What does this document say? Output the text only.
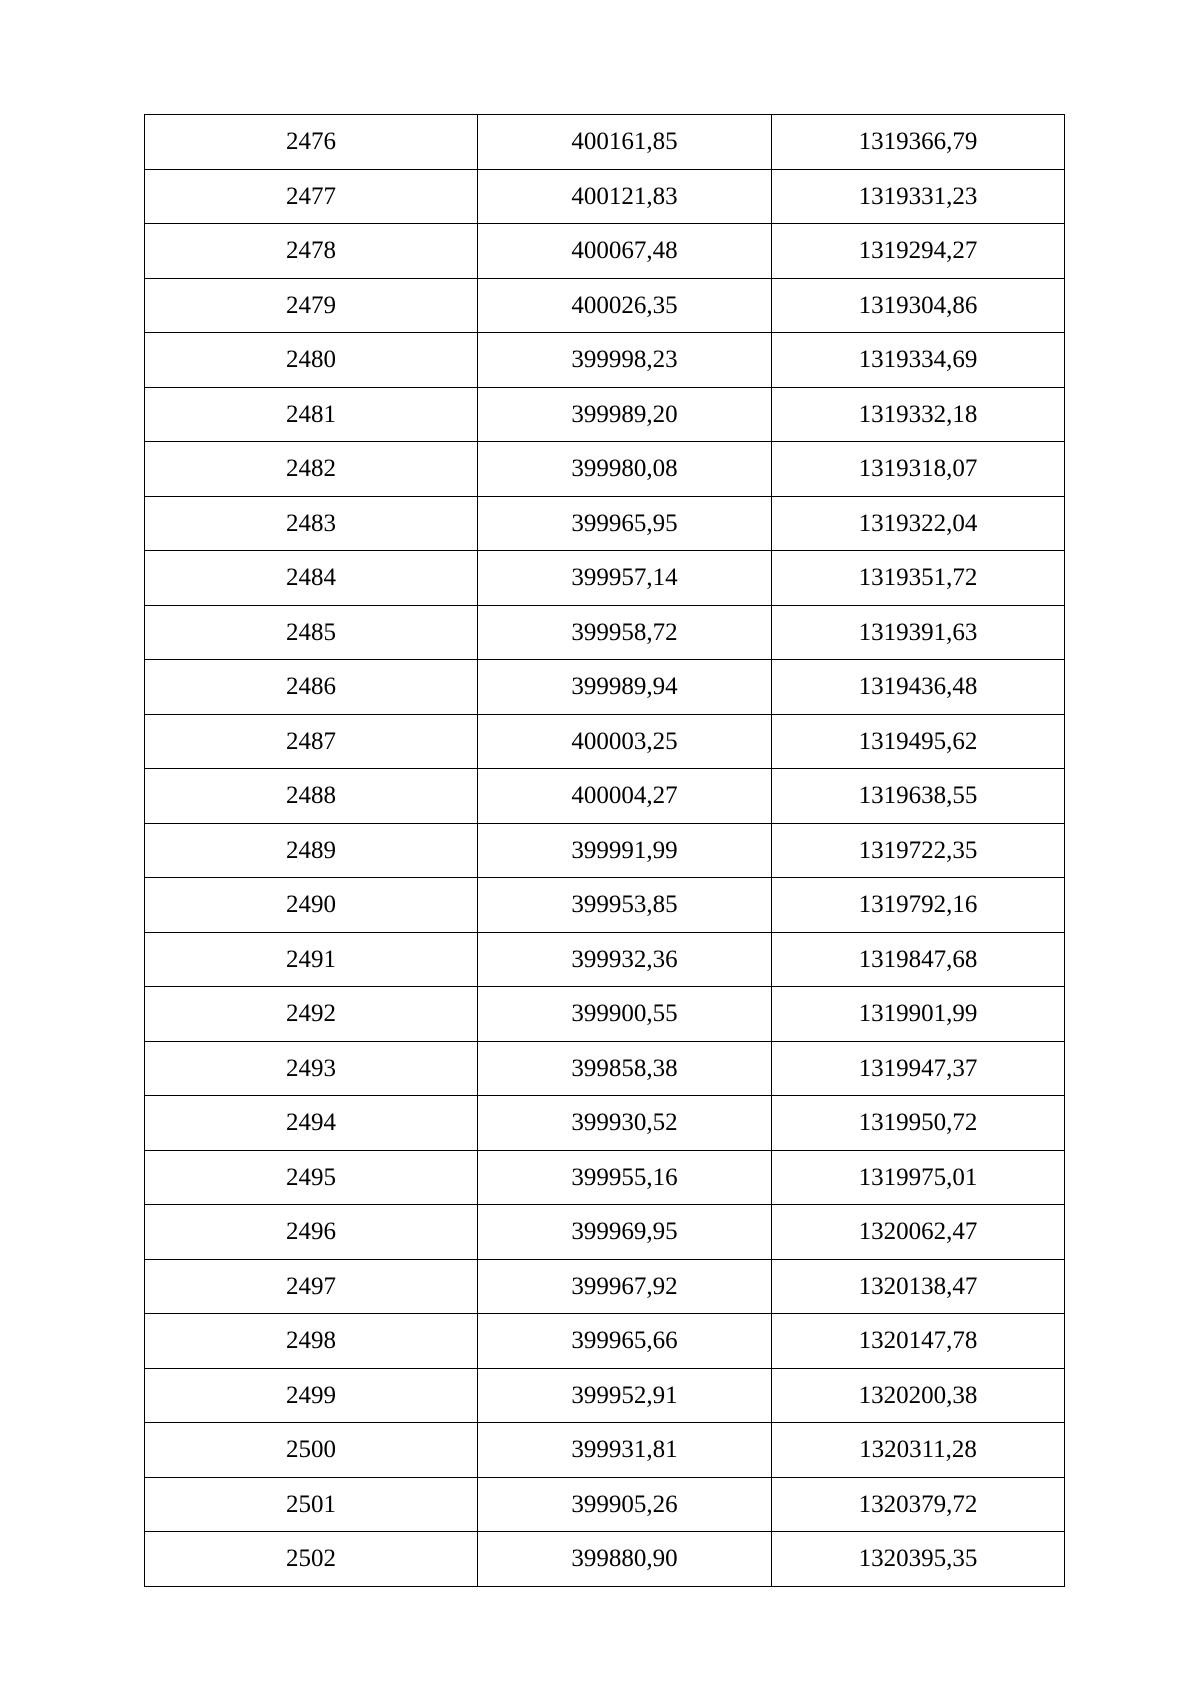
2476	400161,85	1319366,79
2477	400121,83	1319331,23
2478	400067,48	1319294,27
2479	400026,35	1319304,86
2480	399998,23	1319334,69
2481	399989,20	1319332,18
2482	399980,08	1319318,07
2483	399965,95	1319322,04
2484	399957,14	1319351,72
2485	399958,72	1319391,63
2486	399989,94	1319436,48
2487	400003,25	1319495,62
2488	400004,27	1319638,55
2489	399991,99	1319722,35
2490	399953,85	1319792,16
2491	399932,36	1319847,68
2492	399900,55	1319901,99
2493	399858,38	1319947,37
2494	399930,52	1319950,72
2495	399955,16	1319975,01
2496	399969,95	1320062,47
2497	399967,92	1320138,47
2498	399965,66	1320147,78
2499	399952,91	1320200,38
2500	399931,81	1320311,28
2501	399905,26	1320379,72
2502	399880,90	1320395,35
